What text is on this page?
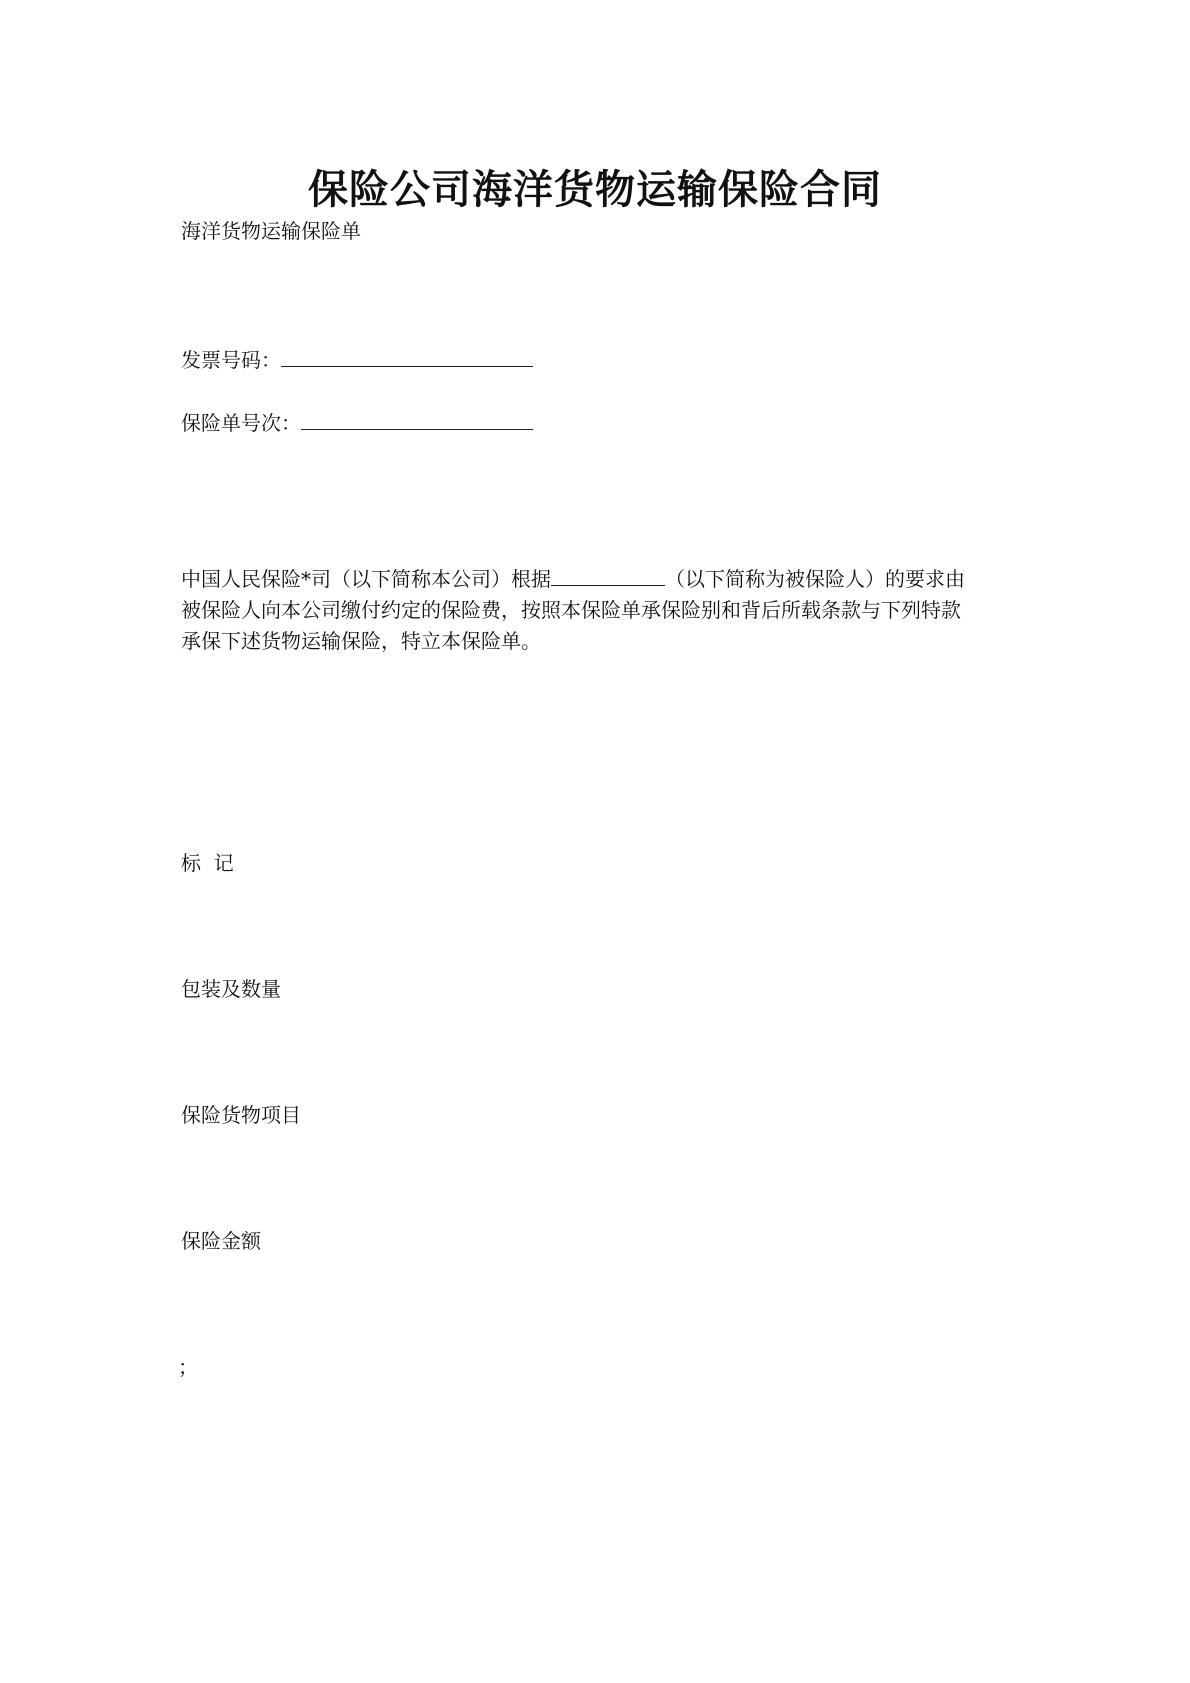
保险公司海洋货物运输保险合同
海洋货物运输保险单
发票号码：
保险单号次：
中国人民保险*司（以下简称本公司）根据	（以下简称为被保险人）的要求由
被保险人向本公司缴付约定的保险费，按照本保险单承保险别和背后所载条款与下列特款
承保下述货物运输保险，特立本保险单。
标  记
包装及数量
保险货物项目
保险金额
；
